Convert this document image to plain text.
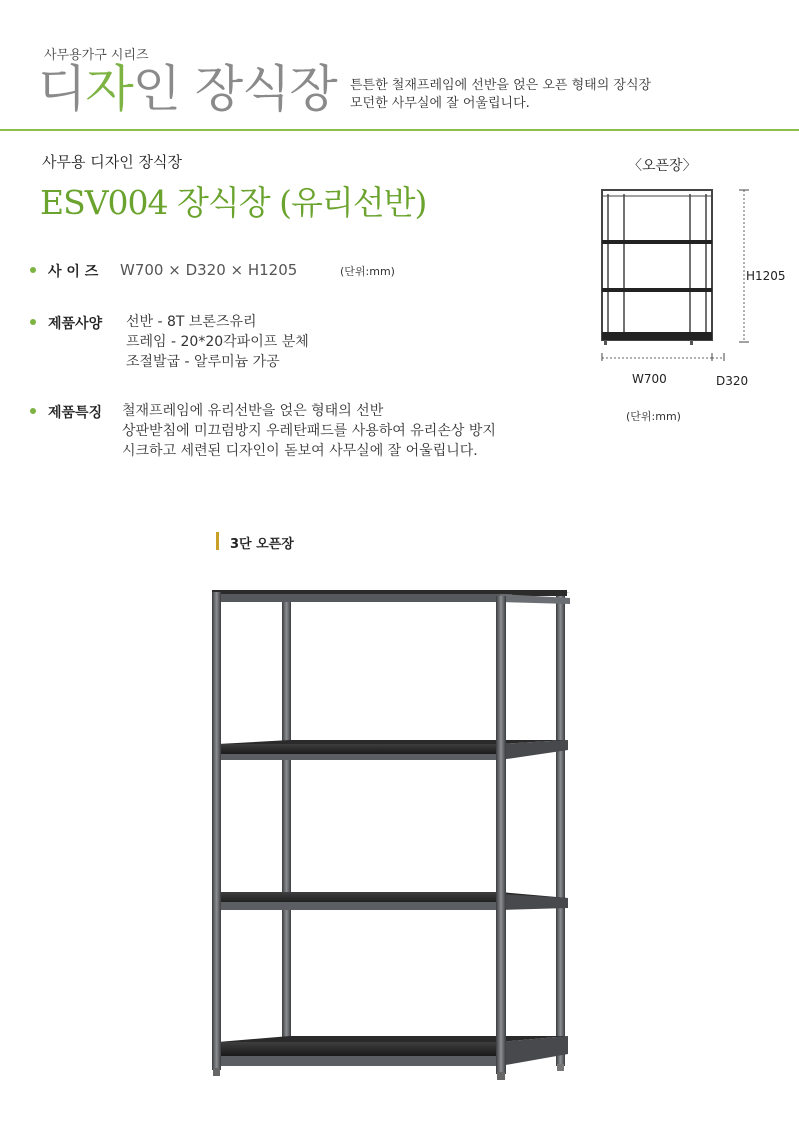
사무용가구 시리즈
디자인 장식장 튼튼한 철재프레임에 선반을 얹은 오픈 형태의 장식장
모던한 사무실에 잘 어울립니다.
사무용 디자인 장식장
ESV004 장식장 (유리선반)
사 이 즈 W700 × D320 × H1205	(단위:mm)
제품사양 선반 - 8T 브론즈유리
프레임 - 20*20각파이프 분체
조절발굽 - 알루미늄 가공
제품특징 철재프레임에 유리선반을 얹은 형태의 선반
상판받침에 미끄럼방지 우레탄패드를 사용하여 유리손상 방지
시크하고 세련된 디자인이 돋보여 사무실에 잘 어울립니다.
〈오픈장〉
H1205
W700	D320
(단위:mm)
3단 오픈장
